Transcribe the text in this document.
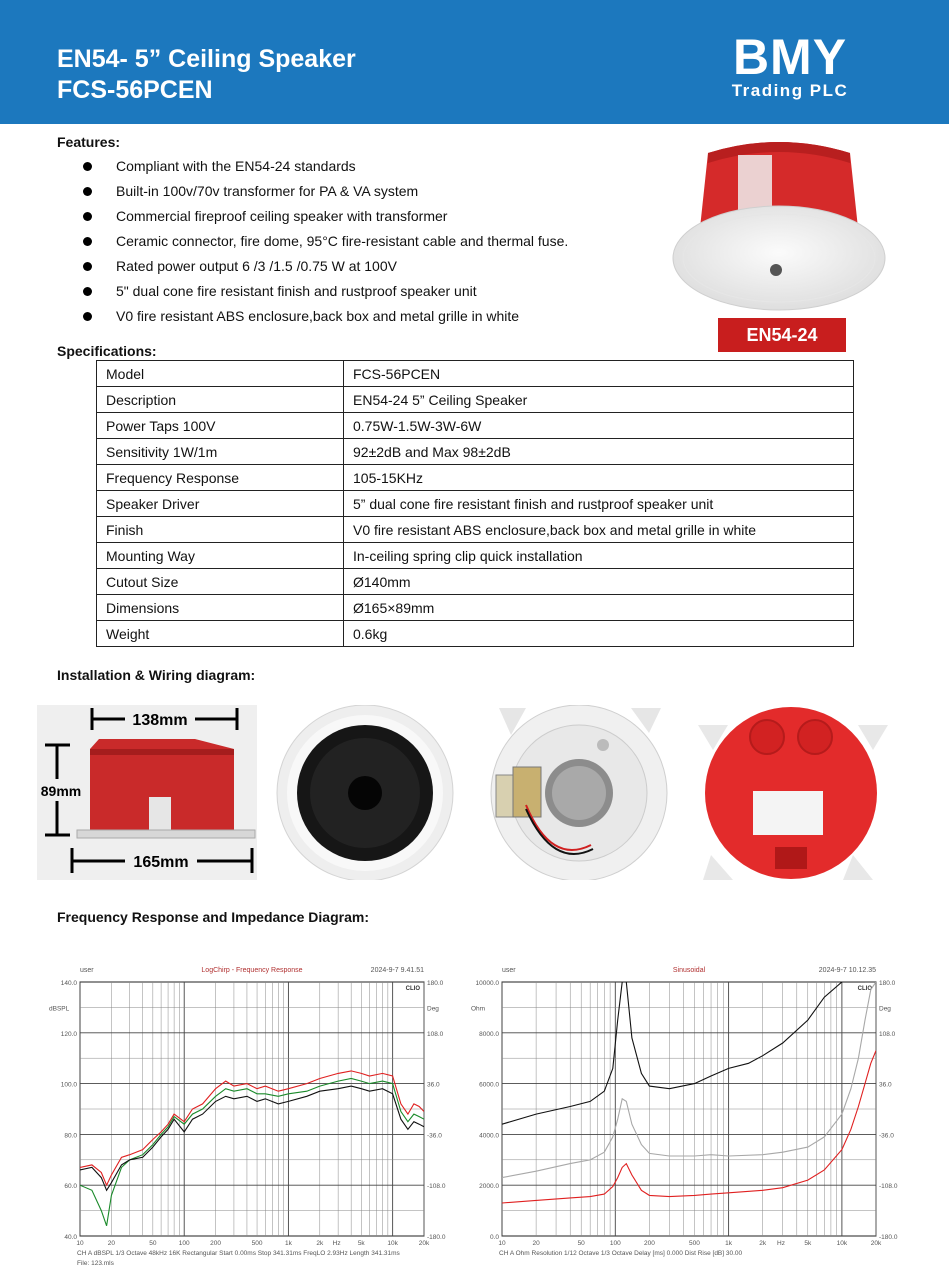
EN54- 5” Ceiling Speaker
FCS-56PCEN
BMY
Trading PLC
Features:
Compliant with the EN54-24 standards
Built-in 100v/70v transformer for PA & VA system
Commercial fireproof ceiling speaker with transformer
Ceramic connector, fire dome, 95°C fire-resistant cable and thermal fuse.
Rated power output 6 /3 /1.5 /0.75 W at 100V
5" dual cone fire resistant finish and rustproof speaker unit
V0 fire resistant ABS enclosure,back box and metal grille in white
EN54-24
Specifications:
Model	FCS-56PCEN
Description	EN54-24 5” Ceiling Speaker
Power Taps 100V	0.75W-1.5W-3W-6W
Sensitivity 1W/1m	92±2dB and Max 98±2dB
Frequency Response	105-15KHz
Speaker Driver	5” dual cone fire resistant finish and rustproof speaker unit
Finish	V0 fire resistant ABS enclosure,back box and metal grille in white
Mounting Way	In-ceiling spring clip quick installation
Cutout Size	Ø140mm
Dimensions	Ø165×89mm
Weight	0.6kg
Installation & Wiring diagram:
138mm
89mm
165mm
Frequency Response and Impedance Diagram:
user	LogChirp - Frequency Response	2024-9-7 9.41.51
CLIO
140.0
120.0
100.0
80.0
60.0
40.0
180.0
108.0
36.0
-36.0
-108.0
-180.0
dBSPL	Deg
10	20	50	100	200	500	1k	2k Hz	5k	10k	20k
CH A dBSPL 1/3 Octave 48kHz 16K Rectangular Start 0.00ms Stop 341.31ms FreqLO 2.93Hz Length 341.31ms
File: 123.mls
user	Sinusoidal	2024-9-7 10.12.35
CLIO
10000.0
8000.0
6000.0
4000.0
2000.0
0.0
180.0
108.0
36.0
-36.0
-108.0
-180.0
Ohm	Deg
10	20	50	100	200	500	1k	2k Hz	5k	10k	20k
CH A Ohm Resolution 1/12 Octave 1/3 Octave Delay [ms] 0.000 Dist Rise [dB] 30.00
